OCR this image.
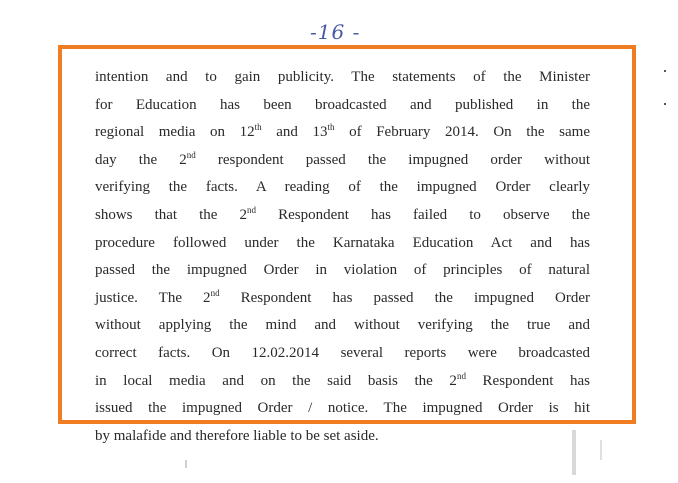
-16 -
intention and to gain publicity. The statements of the Minister
for Education has been broadcasted and published in the
regional media on 12th and 13th of February 2014. On the same
day the 2nd respondent passed the impugned order without
verifying the facts. A reading of the impugned Order clearly
shows that the 2nd Respondent has failed to observe the
procedure followed under the Karnataka Education Act and has
passed the impugned Order in violation of principles of natural
justice. The 2nd Respondent has passed the impugned Order
without applying the mind and without verifying the true and
correct facts. On 12.02.2014 several reports were broadcasted
in local media and on the said basis the 2nd Respondent has
issued the impugned Order / notice. The impugned Order is hit
by malafide and therefore liable to be set aside.
